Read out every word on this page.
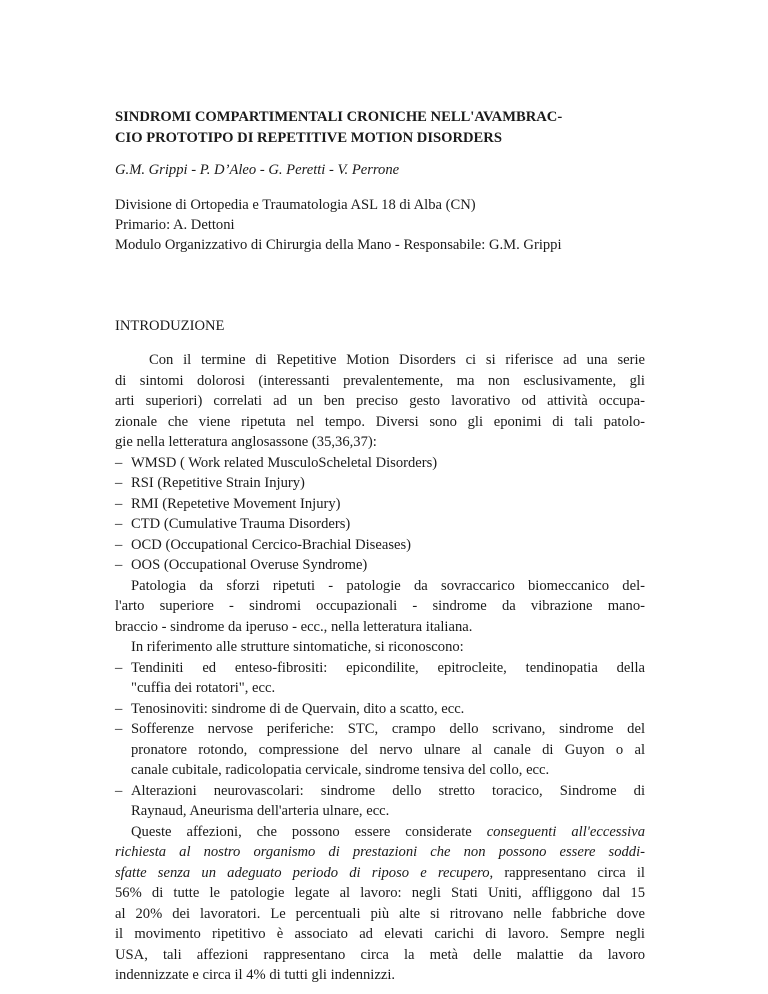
SINDROMI COMPARTIMENTALI CRONICHE NELL'AVAMBRAC-
CIO PROTOTIPO DI REPETITIVE MOTION DISORDERS
G.M. Grippi - P. D’Aleo - G. Peretti - V. Perrone
Divisione di Ortopedia e Traumatologia ASL 18 di Alba (CN)
Primario: A. Dettoni
Modulo Organizzativo di Chirurgia della Mano - Responsabile: G.M. Grippi
INTRODUZIONE
Con il termine di Repetitive Motion Disorders ci si riferisce ad una serie
di sintomi dolorosi (interessanti prevalentemente, ma non esclusivamente, gli
arti superiori) correlati ad un ben preciso gesto lavorativo od attività occupa-
zionale che viene ripetuta nel tempo. Diversi sono gli eponimi di tali patolo-
gie nella letteratura anglosassone (35,36,37):
– WMSD ( Work related MusculoScheletal Disorders)
– RSI (Repetitive Strain Injury)
– RMI (Repetetive Movement Injury)
– CTD (Cumulative Trauma Disorders)
– OCD (Occupational Cercico-Brachial Diseases)
– OOS (Occupational Overuse Syndrome)
Patologia da sforzi ripetuti - patologie da sovraccarico biomeccanico del-
l'arto superiore - sindromi occupazionali - sindrome da vibrazione mano-
braccio - sindrome da iperuso - ecc., nella letteratura italiana.
In riferimento alle strutture sintomatiche, si riconoscono:
– Tendiniti ed enteso-fibrositi: epicondilite, epitrocleite, tendinopatia della
"cuffia dei rotatori", ecc.
– Tenosinoviti: sindrome di de Quervain, dito a scatto, ecc.
– Sofferenze nervose periferiche: STC, crampo dello scrivano, sindrome del
pronatore rotondo, compressione del nervo ulnare al canale di Guyon o al
canale cubitale, radicolopatia cervicale, sindrome tensiva del collo, ecc.
– Alterazioni neurovascolari: sindrome dello stretto toracico, Sindrome di
Raynaud, Aneurisma dell'arteria ulnare, ecc.
Queste affezioni, che possono essere considerate conseguenti all'eccessiva
richiesta al nostro organismo di prestazioni che non possono essere soddi-
sfatte senza un adeguato periodo di riposo e recupero, rappresentano circa il
56% di tutte le patologie legate al lavoro: negli Stati Uniti, affliggono dal 15
al 20% dei lavoratori. Le percentuali più alte si ritrovano nelle fabbriche dove
il movimento ripetitivo è associato ad elevati carichi di lavoro. Sempre negli
USA, tali affezioni rappresentano circa la metà delle malattie da lavoro
indennizzate e circa il 4% di tutti gli indennizzi.
